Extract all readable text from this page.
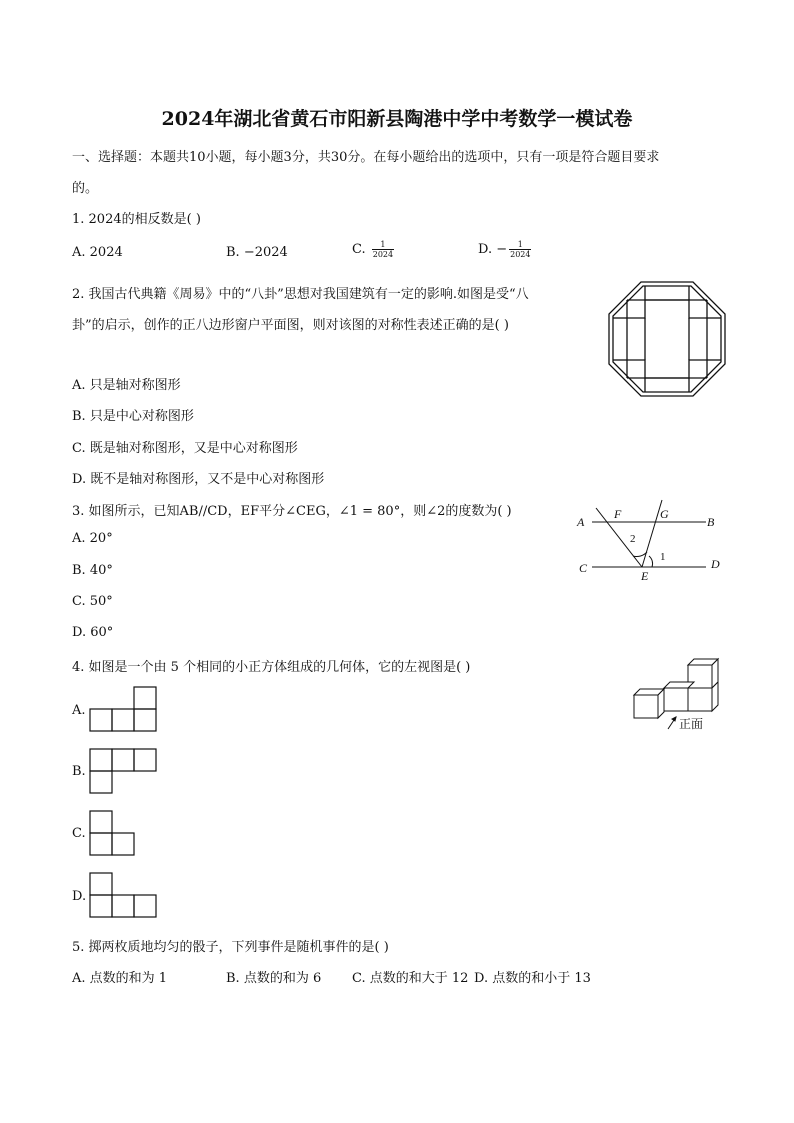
2024年湖北省黄石市阳新县陶港中学中考数学一模试卷
一、选择题：本题共10小题，每小题3分，共30分。在每小题给出的选项中，只有一项是符合题目要求
的。
1. 2024的相反数是( )
A. 2024	B. −2024	C. $\frac{1}{2024}$	D. − $\frac{1}{2024}$
2. 我国古代典籍《周易》中的“八卦”思想对我国建筑有一定的影响.如图是受“八
卦”的启示，创作的正八边形窗户平面图，则对该图的对称性表述正确的是( )
A. 只是轴对称图形
B. 只是中心对称图形
C. 既是轴对称图形，又是中心对称图形
D. 既不是轴对称图形，又不是中心对称图形
3. 如图所示，已知AB//CD，EF平分∠CEG，∠1 = 80°，则∠2的度数为( )
A. 20°
B. 40°
C. 50°
D. 60°
A	B
C	D
E
F	G
1
2
4. 如图是一个由 5 个相同的小正方体组成的几何体，它的左视图是( )
正面
A.
B.
C.
D.
5. 掷两枚质地均匀的骰子，下列事件是随机事件的是( )
A. 点数的和为 1	B. 点数的和为 6 C. 点数的和大于 12 D. 点数的和小于 13
